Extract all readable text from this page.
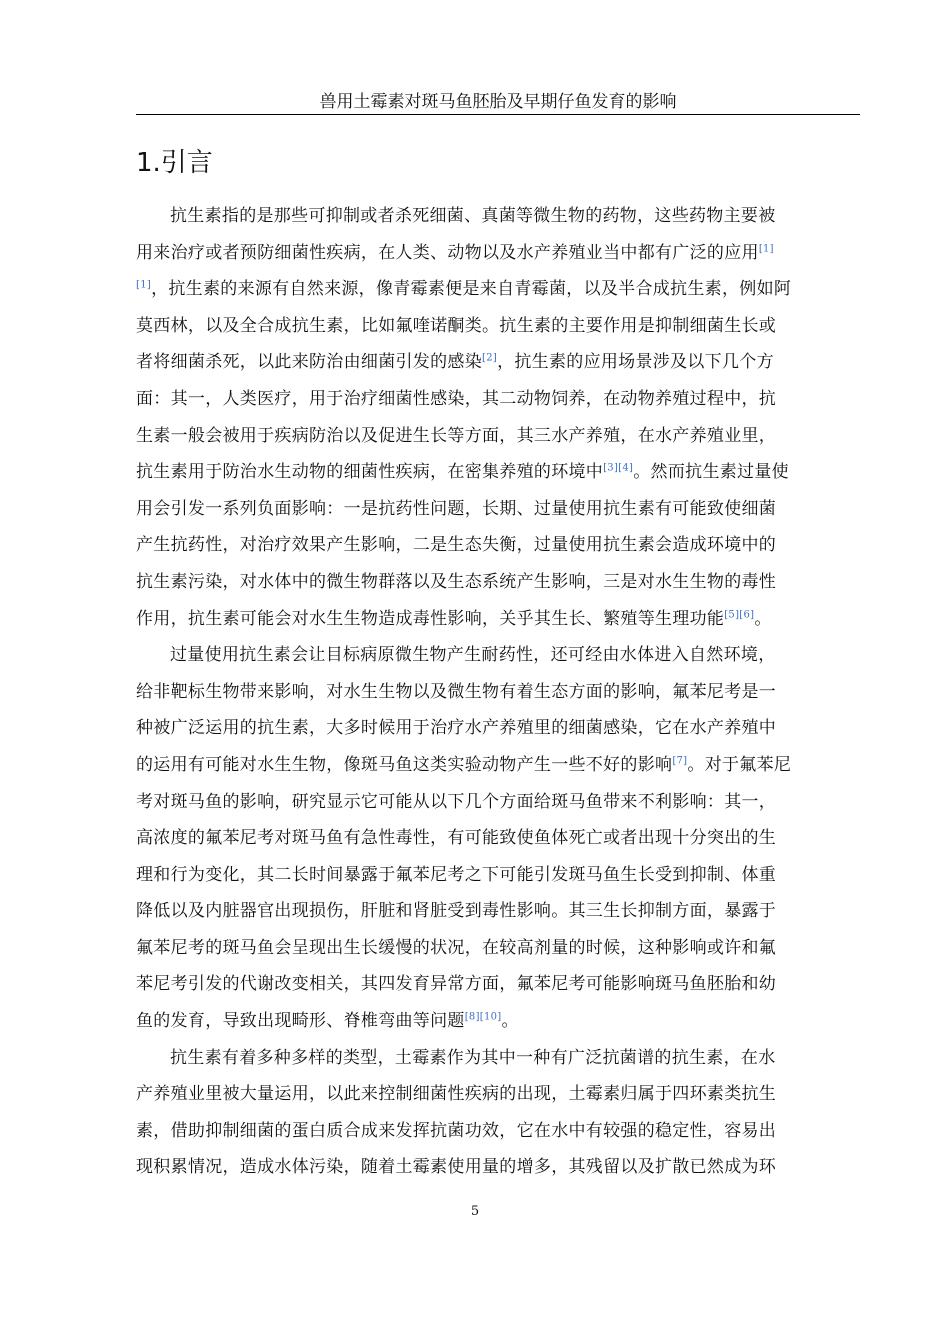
兽用土霉素对斑马鱼胚胎及早期仔鱼发育的影响
1.引言
抗生素指的是那些可抑制或者杀死细菌、真菌等微生物的药物，这些药物主要被
用来治疗或者预防细菌性疾病，在人类、动物以及水产养殖业当中都有广泛的应用[1]
[1]，抗生素的来源有自然来源，像青霉素便是来自青霉菌，以及半合成抗生素，例如阿
莫西林，以及全合成抗生素，比如氟喹诺酮类。抗生素的主要作用是抑制细菌生长或
者将细菌杀死，以此来防治由细菌引发的感染[2]，抗生素的应用场景涉及以下几个方
面：其一，人类医疗，用于治疗细菌性感染，其二动物饲养，在动物养殖过程中，抗
生素一般会被用于疾病防治以及促进生长等方面，其三水产养殖，在水产养殖业里，
抗生素用于防治水生动物的细菌性疾病，在密集养殖的环境中[3][4]。然而抗生素过量使
用会引发一系列负面影响：一是抗药性问题，长期、过量使用抗生素有可能致使细菌
产生抗药性，对治疗效果产生影响，二是生态失衡，过量使用抗生素会造成环境中的
抗生素污染，对水体中的微生物群落以及生态系统产生影响，三是对水生生物的毒性
作用，抗生素可能会对水生生物造成毒性影响，关乎其生长、繁殖等生理功能[5][6]。
过量使用抗生素会让目标病原微生物产生耐药性，还可经由水体进入自然环境，
给非靶标生物带来影响，对水生生物以及微生物有着生态方面的影响，氟苯尼考是一
种被广泛运用的抗生素，大多时候用于治疗水产养殖里的细菌感染，它在水产养殖中
的运用有可能对水生生物，像斑马鱼这类实验动物产生一些不好的影响[7]。对于氟苯尼
考对斑马鱼的影响，研究显示它可能从以下几个方面给斑马鱼带来不利影响：其一，
高浓度的氟苯尼考对斑马鱼有急性毒性，有可能致使鱼体死亡或者出现十分突出的生
理和行为变化，其二长时间暴露于氟苯尼考之下可能引发斑马鱼生长受到抑制、体重
降低以及内脏器官出现损伤，肝脏和肾脏受到毒性影响。其三生长抑制方面，暴露于
氟苯尼考的斑马鱼会呈现出生长缓慢的状况，在较高剂量的时候，这种影响或许和氟
苯尼考引发的代谢改变相关，其四发育异常方面，氟苯尼考可能影响斑马鱼胚胎和幼
鱼的发育，导致出现畸形、脊椎弯曲等问题[8][10]。
抗生素有着多种多样的类型，土霉素作为其中一种有广泛抗菌谱的抗生素，在水
产养殖业里被大量运用，以此来控制细菌性疾病的出现，土霉素归属于四环素类抗生
素，借助抑制细菌的蛋白质合成来发挥抗菌功效，它在水中有较强的稳定性，容易出
现积累情况，造成水体污染，随着土霉素使用量的增多，其残留以及扩散已然成为环
5
